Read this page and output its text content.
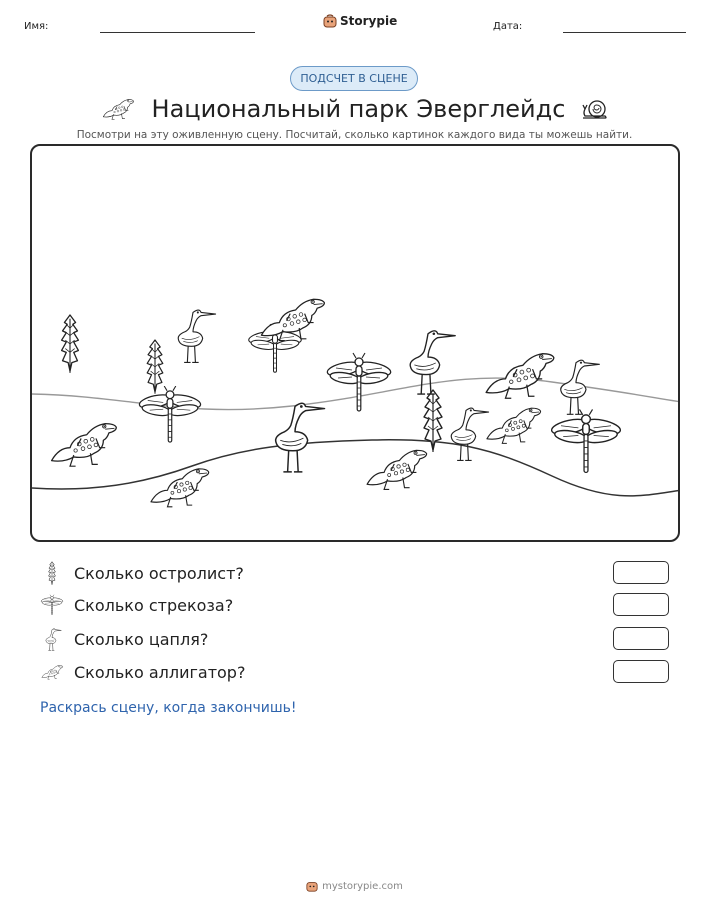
Имя:	Storypie	Дата:
ПОДСЧЕТ В СЦЕНЕ
Национальный парк Эверглейдс
Посмотри на эту оживленную сцену. Посчитай, сколько картинок каждого вида ты можешь найти.
Сколько остролист?
Сколько стрекоза?
Сколько цапля?
Сколько аллигатор?
Раскрась сцену, когда закончишь!
mystorypie.com
